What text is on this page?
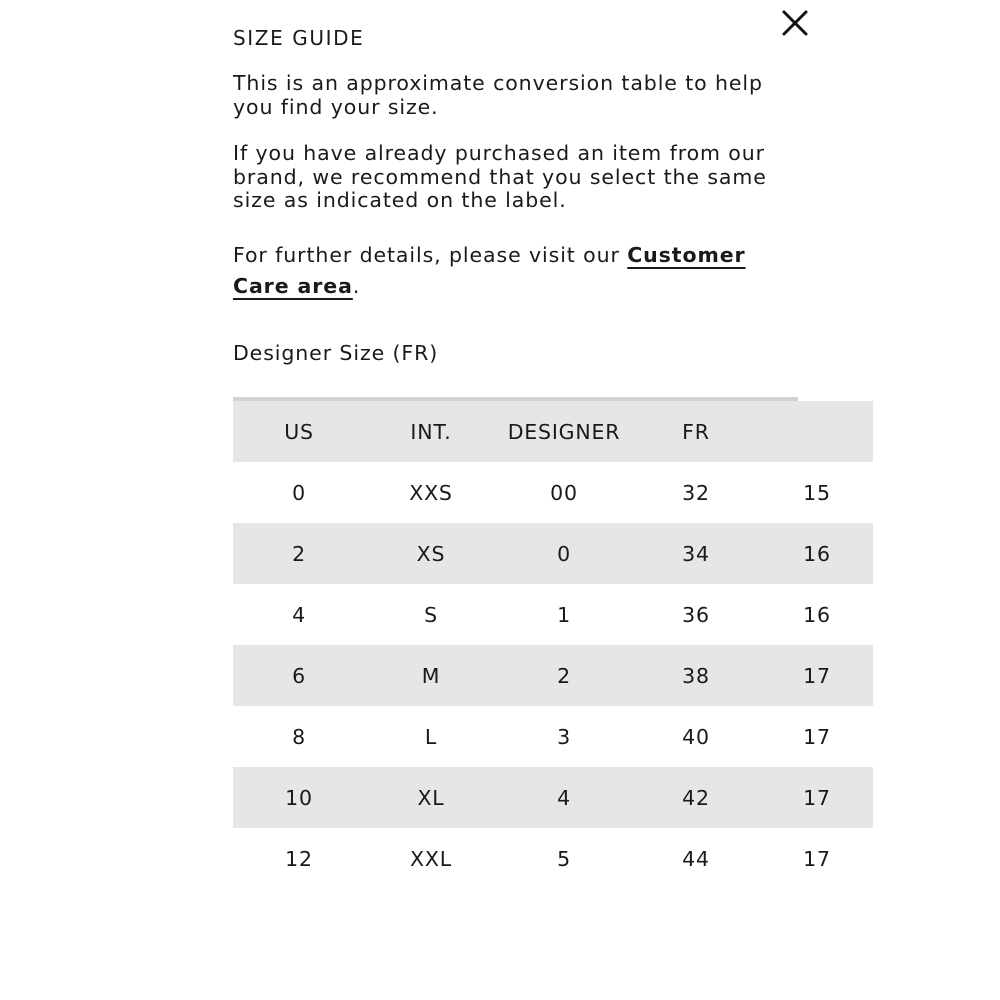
SIZE GUIDE

This is an approximate conversion table to help
you find your size.

If you have already purchased an item from our
brand, we recommend that you select the same
size as indicated on the label.

For further details, please visit our Customer
Care area.

Designer Size (FR)

US	INT.	DESIGNER	FR	
0	XXS	00	32	15
2	XS	0	34	16
4	S	1	36	16
6	M	2	38	17
8	L	3	40	17
10	XL	4	42	17
12	XXL	5	44	17
